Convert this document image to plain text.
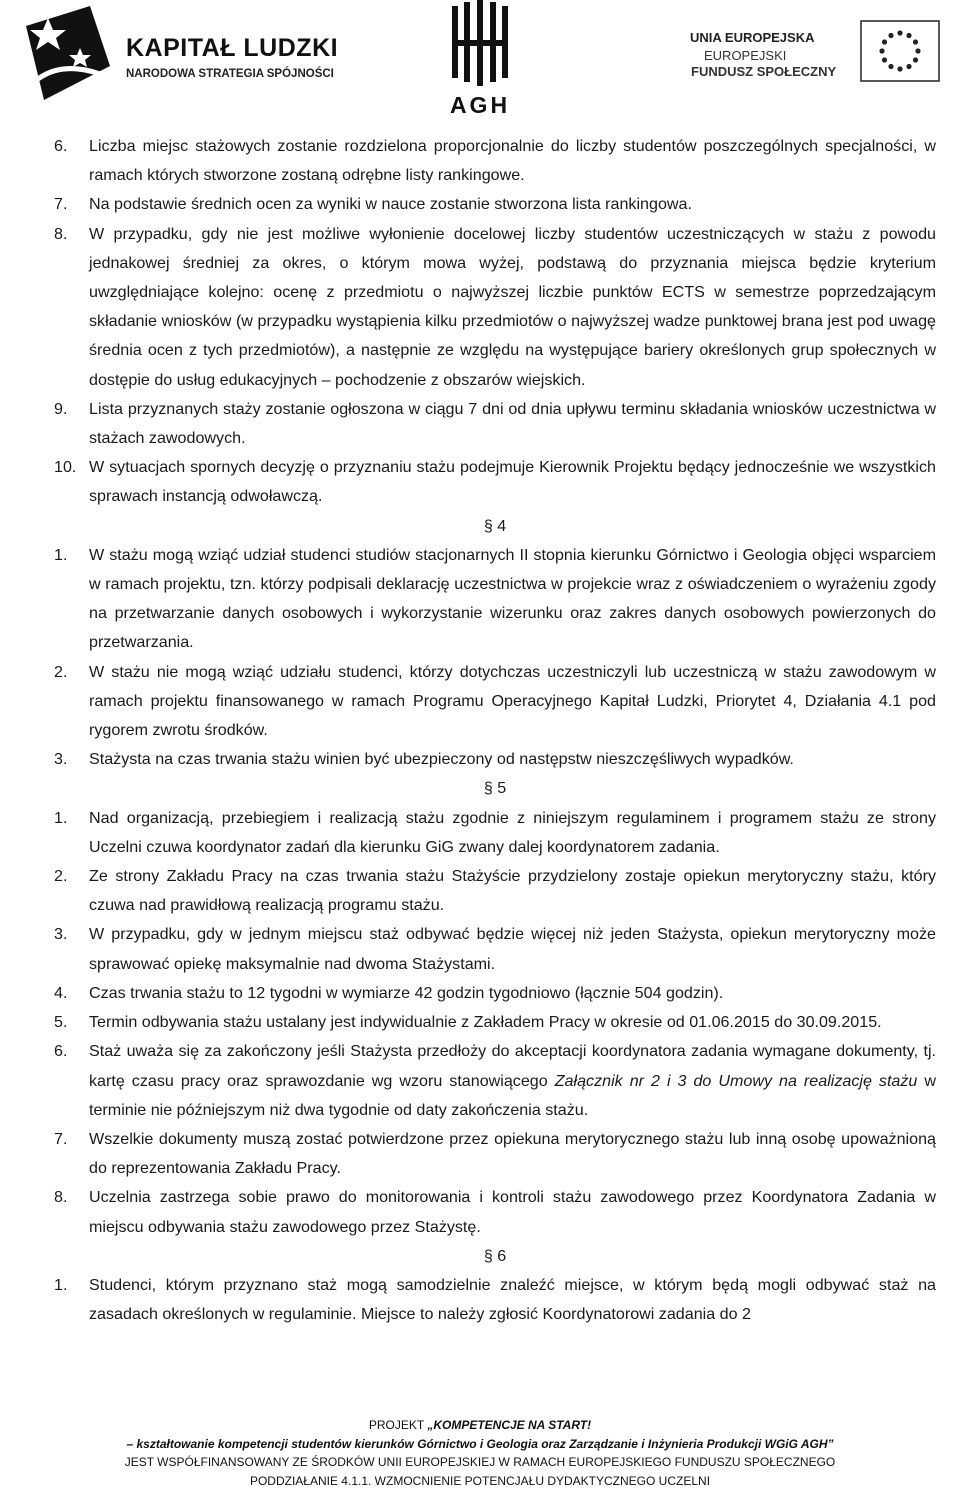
KAPITAŁ LUDZKI
NARODOWA STRATEGIA SPÓJNOŚCI
AGH
UNIA EUROPEJSKA
EUROPEJSKI
FUNDUSZ SPOŁECZNY
6. Liczba miejsc stażowych zostanie rozdzielona proporcjonalnie do liczby studentów poszczególnych specjalności, w ramach których stworzone zostaną odrębne listy rankingowe.
7. Na podstawie średnich ocen za wyniki w nauce zostanie stworzona lista rankingowa.
8. W przypadku, gdy nie jest możliwe wyłonienie docelowej liczby studentów uczestniczących w stażu z powodu jednakowej średniej za okres, o którym mowa wyżej, podstawą do przyznania miejsca będzie kryterium uwzględniające kolejno: ocenę z przedmiotu o najwyższej liczbie punktów ECTS w semestrze poprzedzającym składanie wniosków (w przypadku wystąpienia kilku przedmiotów o najwyższej wadze punktowej brana jest pod uwagę średnia ocen z tych przedmiotów), a następnie ze względu na występujące bariery określonych grup społecznych w dostępie do usług edukacyjnych – pochodzenie z obszarów wiejskich.
9. Lista przyznanych staży zostanie ogłoszona w ciągu 7 dni od dnia upływu terminu składania wniosków uczestnictwa w stażach zawodowych.
10. W sytuacjach spornych decyzję o przyznaniu stażu podejmuje Kierownik Projektu będący jednocześnie we wszystkich sprawach instancją odwoławczą.
§ 4
1. W stażu mogą wziąć udział studenci studiów stacjonarnych II stopnia kierunku Górnictwo i Geologia objęci wsparciem w ramach projektu, tzn. którzy podpisali deklarację uczestnictwa w projekcie wraz z oświadczeniem o wyrażeniu zgody na przetwarzanie danych osobowych i wykorzystanie wizerunku oraz zakres danych osobowych powierzonych do przetwarzania.
2. W stażu nie mogą wziąć udziału studenci, którzy dotychczas uczestniczyli lub uczestniczą w stażu zawodowym w ramach projektu finansowanego w ramach Programu Operacyjnego Kapitał Ludzki, Priorytet 4, Działania 4.1 pod rygorem zwrotu środków.
3. Stażysta na czas trwania stażu winien być ubezpieczony od następstw nieszczęśliwych wypadków.
§ 5
1. Nad organizacją, przebiegiem i realizacją stażu zgodnie z niniejszym regulaminem i programem stażu ze strony Uczelni czuwa koordynator zadań dla kierunku GiG zwany dalej koordynatorem zadania.
2. Ze strony Zakładu Pracy na czas trwania stażu Stażyście przydzielony zostaje opiekun merytoryczny stażu, który czuwa nad prawidłową realizacją programu stażu.
3. W przypadku, gdy w jednym miejscu staż odbywać będzie więcej niż jeden Stażysta, opiekun merytoryczny może sprawować opiekę maksymalnie nad dwoma Stażystami.
4. Czas trwania stażu to 12 tygodni w wymiarze 42 godzin tygodniowo (łącznie 504 godzin).
5. Termin odbywania stażu ustalany jest indywidualnie z Zakładem Pracy w okresie od 01.06.2015 do 30.09.2015.
6. Staż uważa się za zakończony jeśli Stażysta przedłoży do akceptacji koordynatora zadania wymagane dokumenty, tj. kartę czasu pracy oraz sprawozdanie wg wzoru stanowiącego Załącznik nr 2 i 3 do Umowy na realizację stażu w terminie nie późniejszym niż dwa tygodnie od daty zakończenia stażu.
7. Wszelkie dokumenty muszą zostać potwierdzone przez opiekuna merytorycznego stażu lub inną osobę upoważnioną do reprezentowania Zakładu Pracy.
8. Uczelnia zastrzega sobie prawo do monitorowania i kontroli stażu zawodowego przez Koordynatora Zadania w miejscu odbywania stażu zawodowego przez Stażystę.
§ 6
1. Studenci, którym przyznano staż mogą samodzielnie znaleźć miejsce, w którym będą mogli odbywać staż na zasadach określonych w regulaminie. Miejsce to należy zgłosić Koordynatorowi zadania do 2
PROJEKT „KOMPETENCJE NA START!
– kształtowanie kompetencji studentów kierunków Górnictwo i Geologia oraz Zarządzanie i Inżynieria Produkcji WGiG AGH”
JEST WSPÓŁFINANSOWANY ZE ŚRODKÓW UNII EUROPEJSKIEJ W RAMACH EUROPEJSKIEGO FUNDUSZU SPOŁECZNEGO
PODDZIAŁANIE 4.1.1. WZMOCNIENIE POTENCJAŁU DYDAKTYCZNEGO UCZELNI
